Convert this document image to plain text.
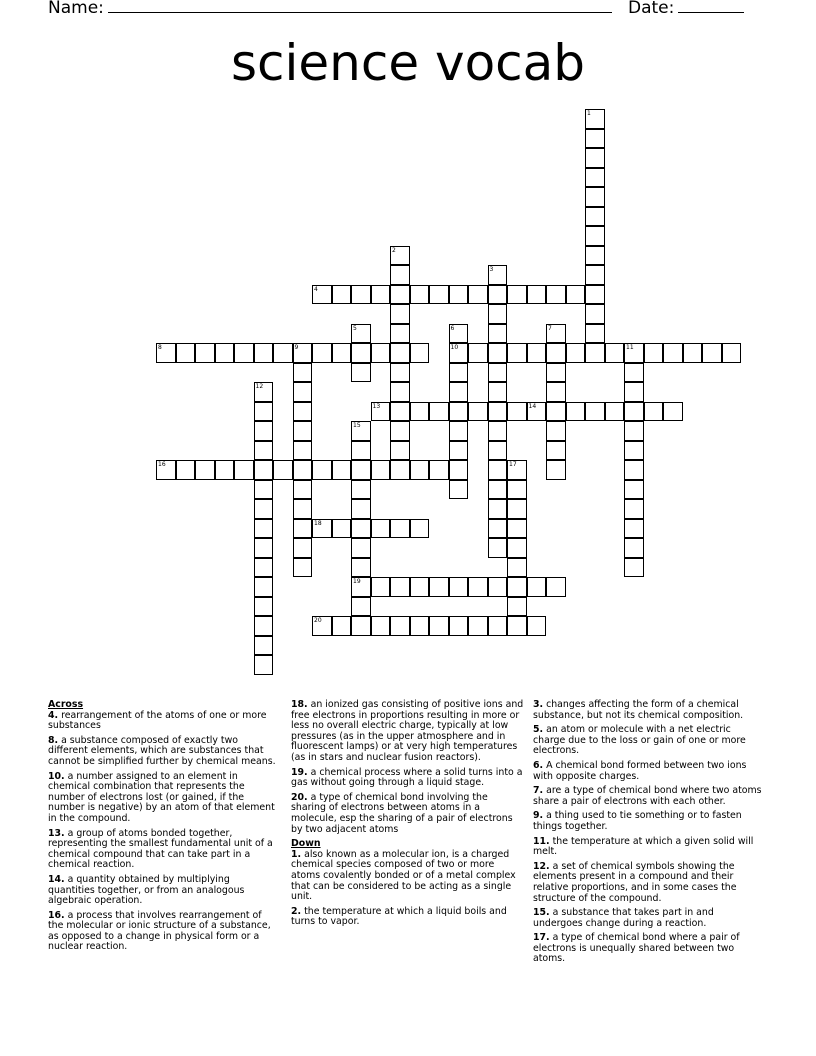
Name:	Date:
science vocab
1
2
3
4
5	6
10
7
8	9	11
12
13	14
15
19
16	17
18
20
Across
4. rearrangement of the atoms of one or more substances
8. a substance composed of exactly two different elements, which are substances that cannot be simplified further by chemical means.
10. a number assigned to an element in chemical combination that represents the number of electrons lost (or gained, if the number is negative) by an atom of that element in the compound.
13. a group of atoms bonded together, representing the smallest fundamental unit of a chemical compound that can take part in a chemical reaction.
14. a quantity obtained by multiplying quantities together, or from an analogous algebraic operation.
16. a process that involves rearrangement of the molecular or ionic structure of a substance, as opposed to a change in physical form or a nuclear reaction.
18. an ionized gas consisting of positive ions and free electrons in proportions resulting in more or less no overall electric charge, typically at low pressures (as in the upper atmosphere and in fluorescent lamps) or at very high temperatures (as in stars and nuclear fusion reactors).
19. a chemical process where a solid turns into a gas without going through a liquid stage.
20. a type of chemical bond involving the sharing of electrons between atoms in a molecule, esp the sharing of a pair of electrons by two adjacent atoms
Down
1. also known as a molecular ion, is a charged chemical species composed of two or more atoms covalently bonded or of a metal complex that can be considered to be acting as a single unit.
2. the temperature at which a liquid boils and turns to vapor.
3. changes affecting the form of a chemical substance, but not its chemical composition.
5. an atom or molecule with a net electric charge due to the loss or gain of one or more electrons.
6. A chemical bond formed between two ions with opposite charges.
7. are a type of chemical bond where two atoms share a pair of electrons with each other.
9. a thing used to tie something or to fasten things together.
11. the temperature at which a given solid will melt.
12. a set of chemical symbols showing the elements present in a compound and their relative proportions, and in some cases the structure of the compound.
15. a substance that takes part in and undergoes change during a reaction.
17. a type of chemical bond where a pair of electrons is unequally shared between two atoms.
